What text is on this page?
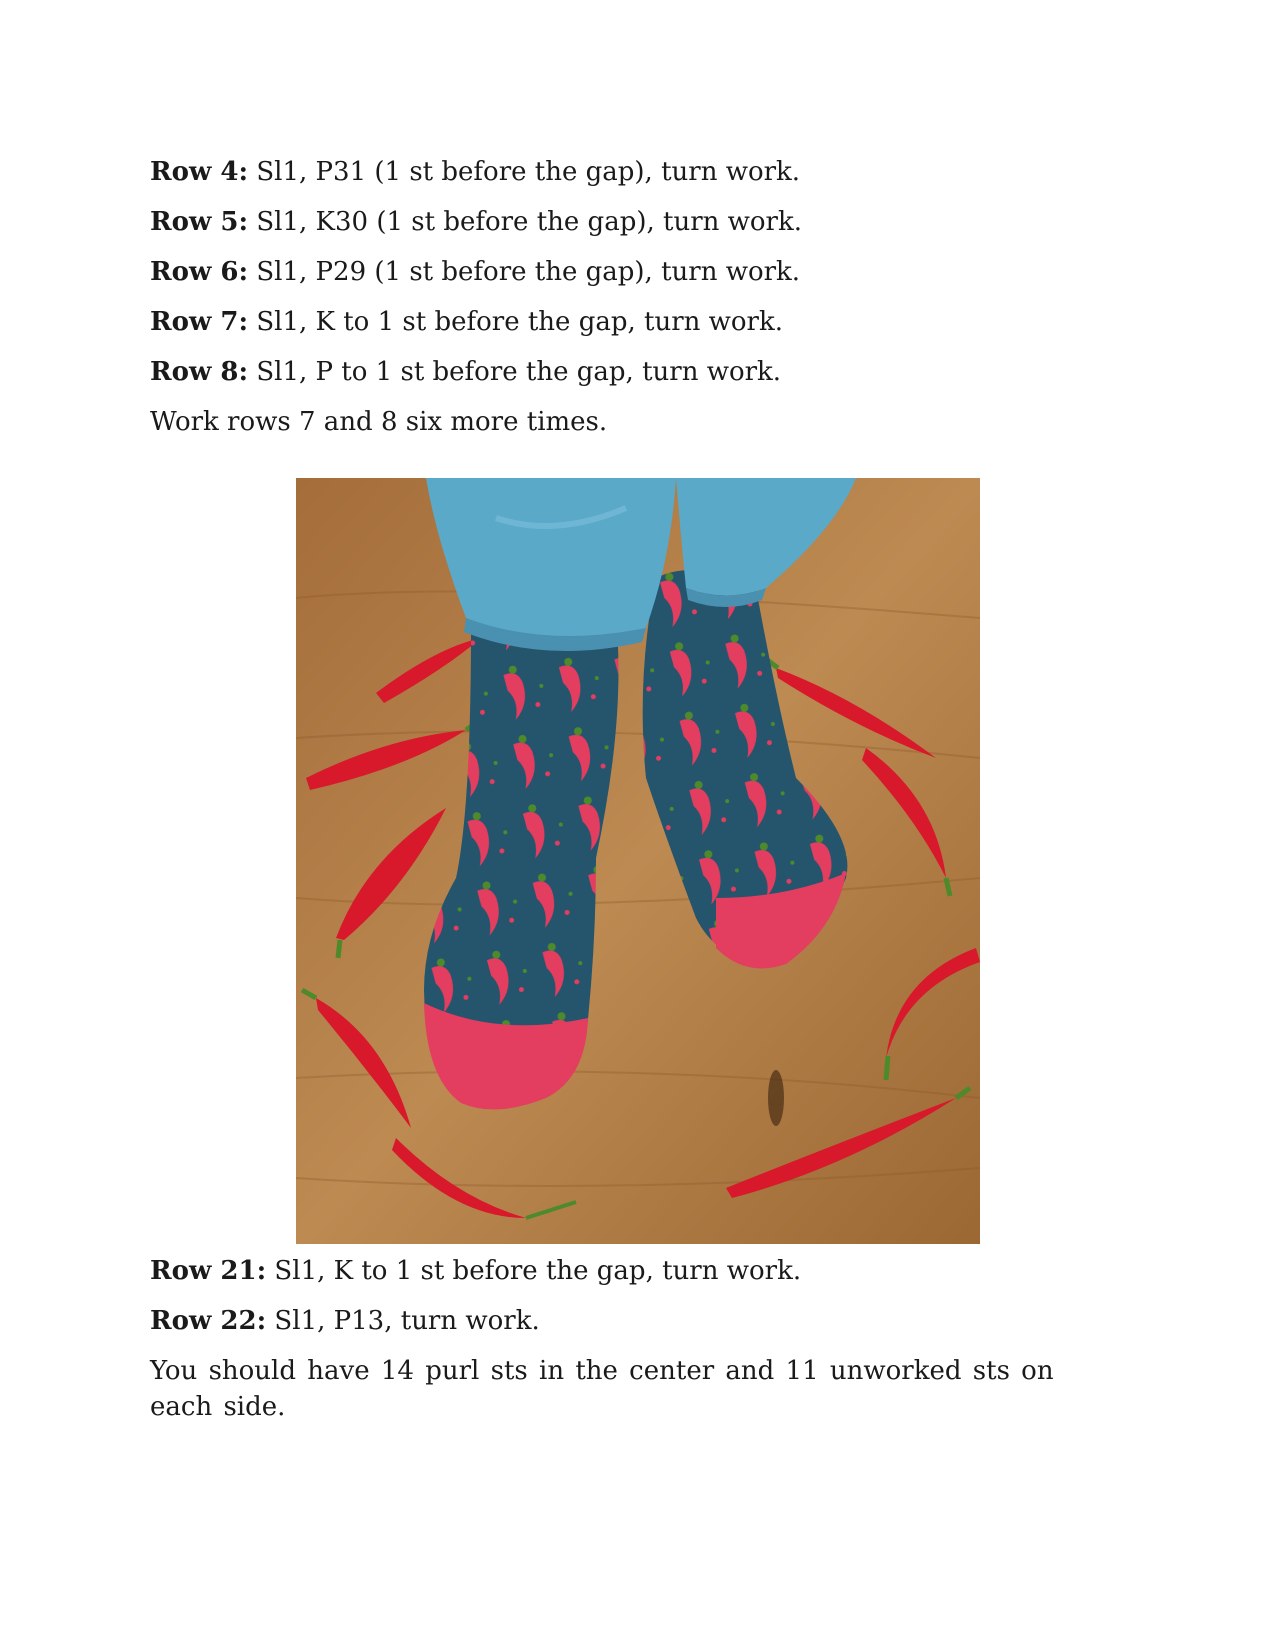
Row 4: Sl1, P31 (1 st before the gap), turn work.
Row 5: Sl1, K30 (1 st before the gap), turn work.
Row 6: Sl1, P29 (1 st before the gap), turn work.
Row 7: Sl1, K to 1 st before the gap, turn work.
Row 8: Sl1, P to 1 st before the gap, turn work.
Work rows 7 and 8 six more times.
Row 21: Sl1, K to 1 st before the gap, turn work.
Row 22: Sl1, P13, turn work.
You should have 14 purl sts in the center and 11 unworked sts on each side.
